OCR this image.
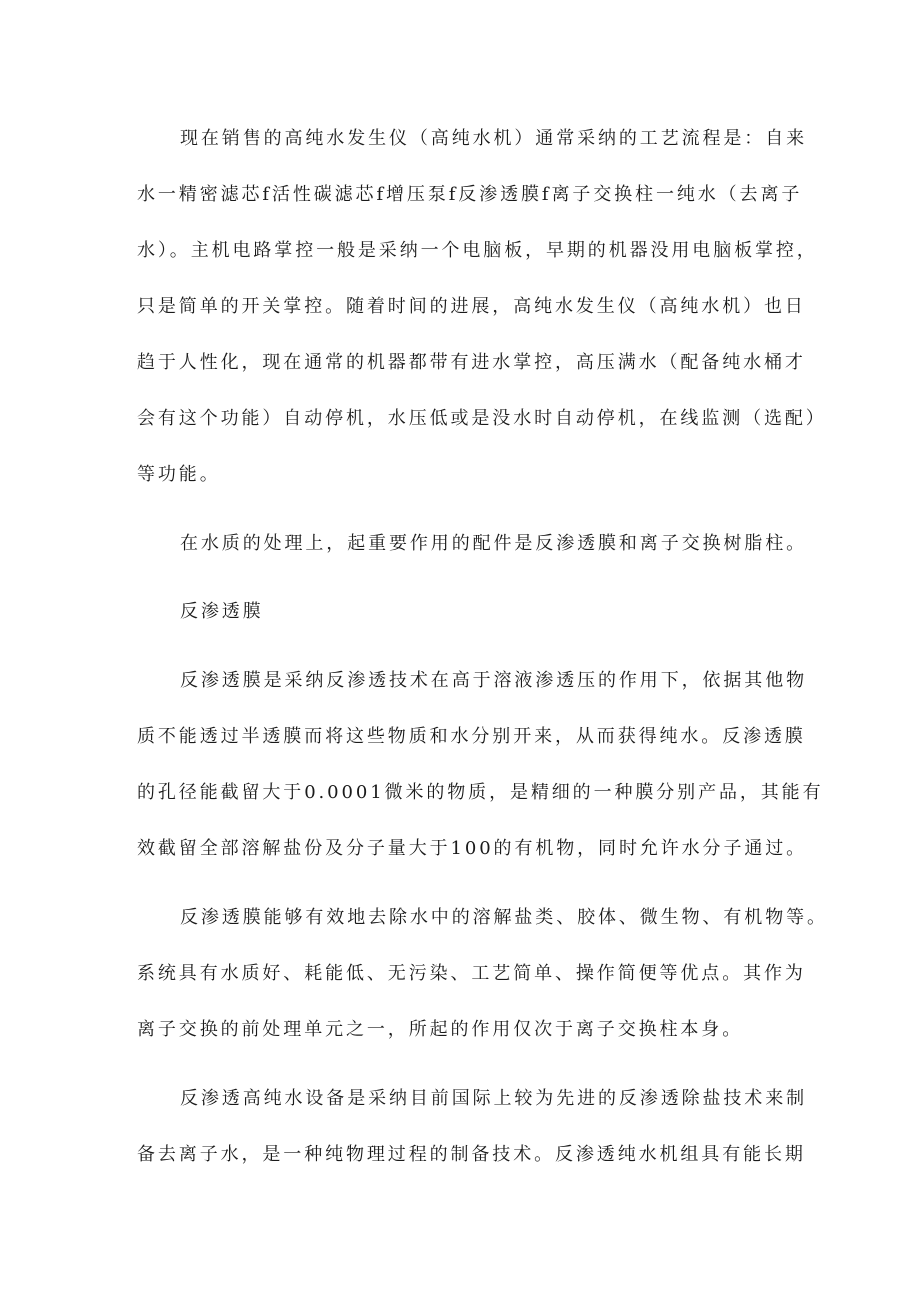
现在销售的高纯水发生仪（高纯水机）通常采纳的工艺流程是：自来
水一精密滤芯f活性碳滤芯f增压泵f反渗透膜f离子交换柱一纯水（去离子
水）。主机电路掌控一般是采纳一个电脑板，早期的机器没用电脑板掌控，
只是简单的开关掌控。随着时间的进展，高纯水发生仪（高纯水机）也日
趋于人性化，现在通常的机器都带有进水掌控，高压满水（配备纯水桶才
会有这个功能）自动停机，水压低或是没水时自动停机，在线监测（选配）
等功能。
在水质的处理上，起重要作用的配件是反渗透膜和离子交换树脂柱。
反渗透膜
反渗透膜是采纳反渗透技术在高于溶液渗透压的作用下，依据其他物
质不能透过半透膜而将这些物质和水分别开来，从而获得纯水。反渗透膜
的孔径能截留大于0.0001微米的物质，是精细的一种膜分别产品，其能有
效截留全部溶解盐份及分子量大于100的有机物，同时允许水分子通过。
反渗透膜能够有效地去除水中的溶解盐类、胶体、微生物、有机物等。
系统具有水质好、耗能低、无污染、工艺简单、操作简便等优点。其作为
离子交换的前处理单元之一，所起的作用仅次于离子交换柱本身。
反渗透高纯水设备是采纳目前国际上较为先进的反渗透除盐技术来制
备去离子水，是一种纯物理过程的制备技术。反渗透纯水机组具有能长期
